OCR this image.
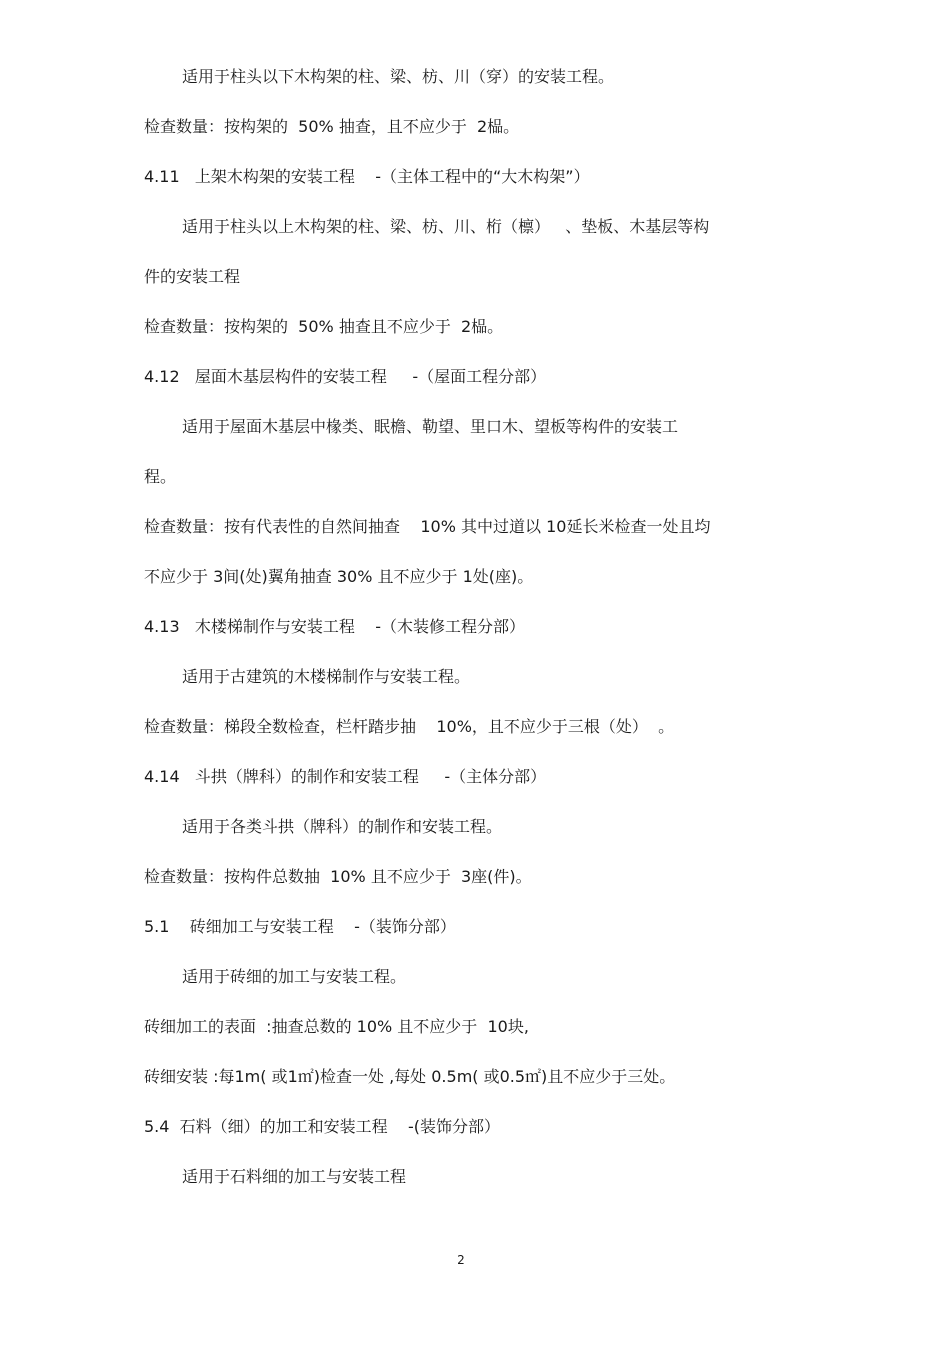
适用于柱头以下木构架的柱、梁、枋、川（穿）的安装工程。
检查数量：按构架的  50% 抽查，且不应少于  2榀。
4.11   上架木构架的安装工程    -（主体工程中的“大木构架”）
适用于柱头以上木构架的柱、梁、枋、川、桁（檩）   、垫板、木基层等构
件的安装工程
检查数量：按构架的  50% 抽查且不应少于  2榀。
4.12   屋面木基层构件的安装工程     -（屋面工程分部）
适用于屋面木基层中椽类、眠檐、勒望、里口木、望板等构件的安装工
程。
检查数量：按有代表性的自然间抽查    10% 其中过道以 10延长米检查一处且均
不应少于 3间(处)翼角抽查 30% 且不应少于 1处(座)。
4.13   木楼梯制作与安装工程    -（木装修工程分部）
适用于古建筑的木楼梯制作与安装工程。
检查数量：梯段全数检查，栏杆踏步抽    10%，且不应少于三根（处）  。
4.14   斗拱（牌科）的制作和安装工程     -（主体分部）
适用于各类斗拱（牌科）的制作和安装工程。
检查数量：按构件总数抽  10% 且不应少于  3座(件)。
5.1    砖细加工与安装工程    -（装饰分部）
适用于砖细的加工与安装工程。
砖细加工的表面  :抽查总数的 10% 且不应少于  10块,
砖细安装 :每1m( 或1㎡)检查一处 ,每处 0.5m( 或0.5㎡)且不应少于三处。
5.4  石料（细）的加工和安装工程    -(装饰分部）
适用于石料细的加工与安装工程
2
